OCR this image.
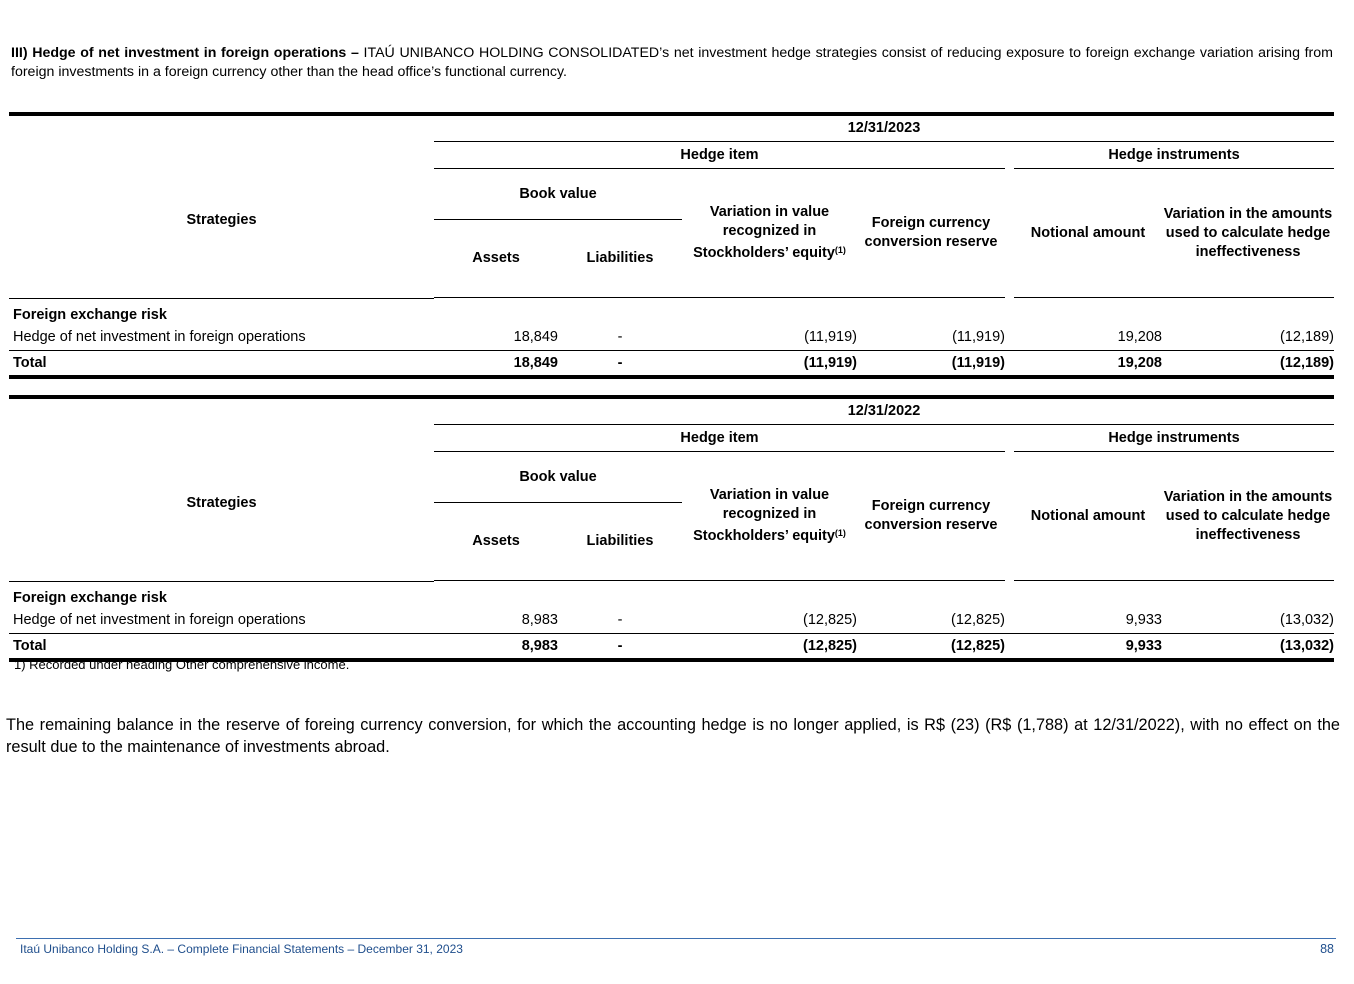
III) Hedge of net investment in foreign operations – ITAÚ UNIBANCO HOLDING CONSOLIDATED’s net investment hedge strategies consist of reducing exposure to foreign exchange variation arising from foreign investments in a foreign currency other than the head office’s functional currency.

	12/31/2023						
Strategies	Hedge item					Hedge instruments	
	Book value		Variation in value recognized in Stockholders’ equity$^{(1)}$	Foreign currency conversion reserve		Notional amount	Variation in the amounts used to calculate hedge ineffectiveness
	Assets	Liabilities					
Foreign exchange risk							
Hedge of net investment in foreign operations	18,849	-	(11,919)	(11,919)		19,208	(12,189)
Total	18,849	-	(11,919)	(11,919)		19,208	(12,189)

	12/31/2022						
Strategies	Hedge item					Hedge instruments	
	Book value		Variation in value recognized in Stockholders’ equity$^{(1)}$	Foreign currency conversion reserve		Notional amount	Variation in the amounts used to calculate hedge ineffectiveness
	Assets	Liabilities					
Foreign exchange risk							
Hedge of net investment in foreign operations	8,983	-	(12,825)	(12,825)		9,933	(13,032)
Total	8,983	-	(12,825)	(12,825)		9,933	(13,032)
1) Recorded under heading Other comprehensive income.
The remaining balance in the reserve of foreing currency conversion, for which the accounting hedge is no longer applied, is R$ (23) (R$ (1,788) at 12/31/2022), with no effect on the result due to the maintenance of investments abroad.
Itaú Unibanco Holding S.A. – Complete Financial Statements – December 31, 2023	88
